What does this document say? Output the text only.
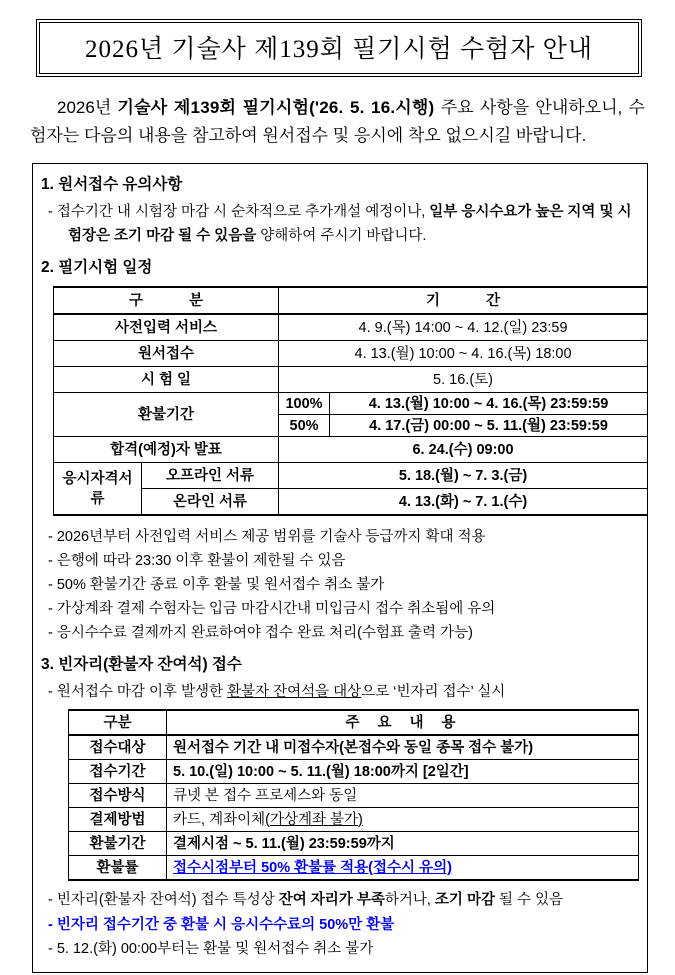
2026년 기술사 제139회 필기시험 수험자 안내

2026년 기술사 제139회 필기시험('26. 5. 16.시행) 주요 사항을 안내하오니, 수험자는 다음의 내용을 참고하여 원서접수 및 응시에 착오 없으시길 바랍니다.

1. 원서접수 유의사항
- 접수기간 내 시험장 마감 시 순차적으로 추가개설 예정이나, 일부 응시수요가 높은 지역 및 시험장은 조기 마감 될 수 있음을 양해하여 주시기 바랍니다.
2. 필기시험 일정
구 분		기 간	
사전입력 서비스		4. 9.(목) 14:00 ~ 4. 12.(일) 23:59	
원서접수		4. 13.(월) 10:00 ~ 4. 16.(목) 18:00	
시 험 일		5. 16.(토)	
환불기간		100%	4. 13.(월) 10:00 ~ 4. 16.(목) 23:59:59
		50%	4. 17.(금) 00:00 ~ 5. 11.(월) 23:59:59
합격(예정)자 발표		6. 24.(수) 09:00	
응시자격서류	오프라인 서류	5. 18.(월) ~ 7. 3.(금)	
	온라인 서류	4. 13.(화) ~ 7. 1.(수)	
- 2026년부터 사전입력 서비스 제공 범위를 기술사 등급까지 확대 적용
- 은행에 따라 23:30 이후 환불이 제한될 수 있음
- 50% 환불기간 종료 이후 환불 및 원서접수 취소 불가
- 가상계좌 결제 수험자는 입금 마감시간내 미입금시 접수 취소됨에 유의
- 응시수수료 결제까지 완료하여야 접수 완료 처리(수험표 출력 가능)
3. 빈자리(환불자 잔여석) 접수
- 원서접수 마감 이후 발생한 환불자 잔여석을 대상으로 ‘빈자리 접수’ 실시
구분	주 요 내 용
접수대상	원서접수 기간 내 미접수자(본접수와 동일 종목 접수 불가)
접수기간	5. 10.(일) 10:00 ~ 5. 11.(월) 18:00까지 [2일간]
접수방식	큐넷 본 접수 프로세스와 동일
결제방법	카드, 계좌이체(가상계좌 불가)
환불기간	결제시점 ~ 5. 11.(월) 23:59:59까지
환불률	접수시점부터 50% 환불률 적용(접수시 유의)
- 빈자리(환불자 잔여석) 접수 특성상 잔여 자리가 부족하거나, 조기 마감 될 수 있음
- 빈자리 접수기간 중 환불 시 응시수수료의 50%만 환불
- 5. 12.(화) 00:00부터는 환불 및 원서접수 취소 불가
